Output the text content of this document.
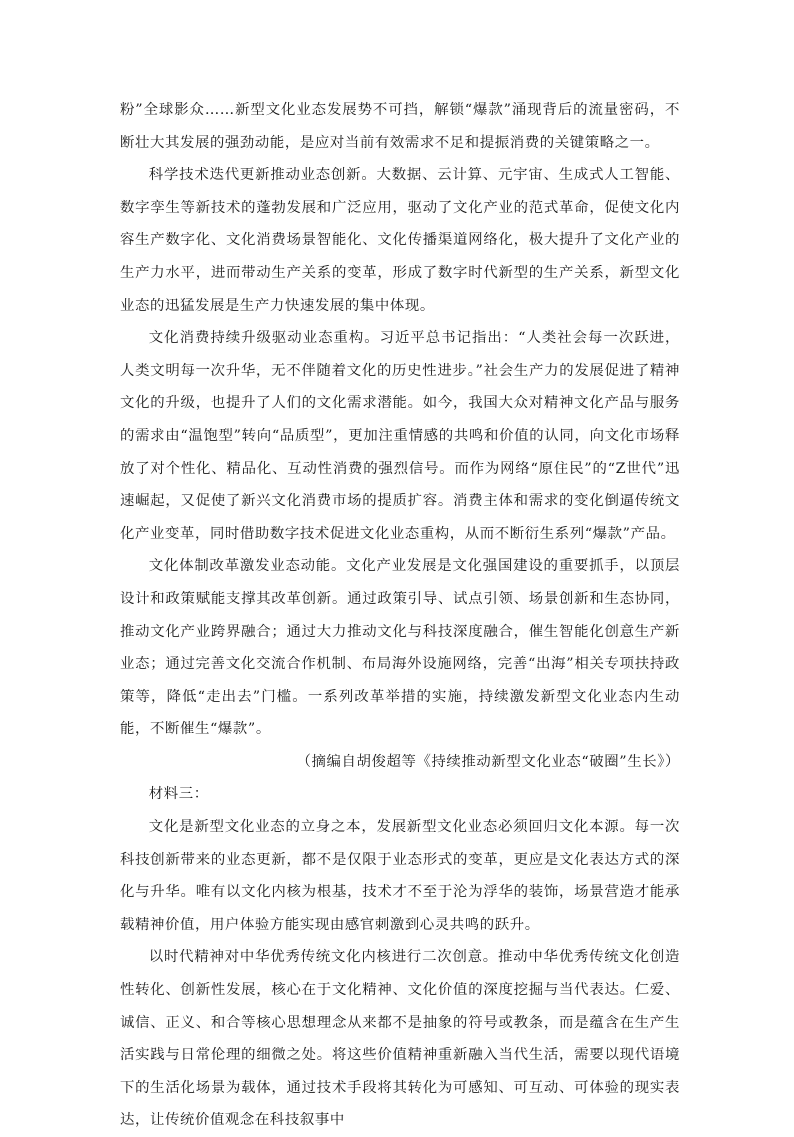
粉”全球影众……新型文化业态发展势不可挡，解锁“爆款”涌现背后的流量密码，不断壮大其发展的强劲动能，是应对当前有效需求不足和提振消费的关键策略之一。

科学技术迭代更新推动业态创新。大数据、云计算、元宇宙、生成式人工智能、数字孪生等新技术的蓬勃发展和广泛应用，驱动了文化产业的范式革命，促使文化内容生产数字化、文化消费场景智能化、文化传播渠道网络化，极大提升了文化产业的生产力水平，进而带动生产关系的变革，形成了数字时代新型的生产关系，新型文化业态的迅猛发展是生产力快速发展的集中体现。

文化消费持续升级驱动业态重构。习近平总书记指出：“人类社会每一次跃进，人类文明每一次升华，无不伴随着文化的历史性进步。”社会生产力的发展促进了精神文化的升级，也提升了人们的文化需求潜能。如今，我国大众对精神文化产品与服务的需求由“温饱型”转向“品质型”，更加注重情感的共鸣和价值的认同，向文化市场释放了对个性化、精品化、互动性消费的强烈信号。而作为网络“原住民”的“Z世代”迅速崛起，又促使了新兴文化消费市场的提质扩容。消费主体和需求的变化倒逼传统文化产业变革，同时借助数字技术促进文化业态重构，从而不断衍生系列“爆款”产品。

文化体制改革激发业态动能。文化产业发展是文化强国建设的重要抓手，以顶层设计和政策赋能支撑其改革创新。通过政策引导、试点引领、场景创新和生态协同，推动文化产业跨界融合；通过大力推动文化与科技深度融合，催生智能化创意生产新业态；通过完善文化交流合作机制、布局海外设施网络，完善“出海”相关专项扶持政策等，降低“走出去”门槛。一系列改革举措的实施，持续激发新型文化业态内生动能，不断催生“爆款”。

（摘编自胡俊超等《持续推动新型文化业态“破圈”生长》）

材料三：

文化是新型文化业态的立身之本，发展新型文化业态必须回归文化本源。每一次科技创新带来的业态更新，都不是仅限于业态形式的变革，更应是文化表达方式的深化与升华。唯有以文化内核为根基，技术才不至于沦为浮华的装饰，场景营造才能承载精神价值，用户体验方能实现由感官刺激到心灵共鸣的跃升。

以时代精神对中华优秀传统文化内核进行二次创意。推动中华优秀传统文化创造性转化、创新性发展，核心在于文化精神、文化价值的深度挖掘与当代表达。仁爱、诚信、正义、和合等核心思想理念从来都不是抽象的符号或教条，而是蕴含在生产生活实践与日常伦理的细微之处。将这些价值精神重新融入当代生活，需要以现代语境下的生活化场景为载体，通过技术手段将其转化为可感知、可互动、可体验的现实表达，让传统价值观念在科技叙事中
